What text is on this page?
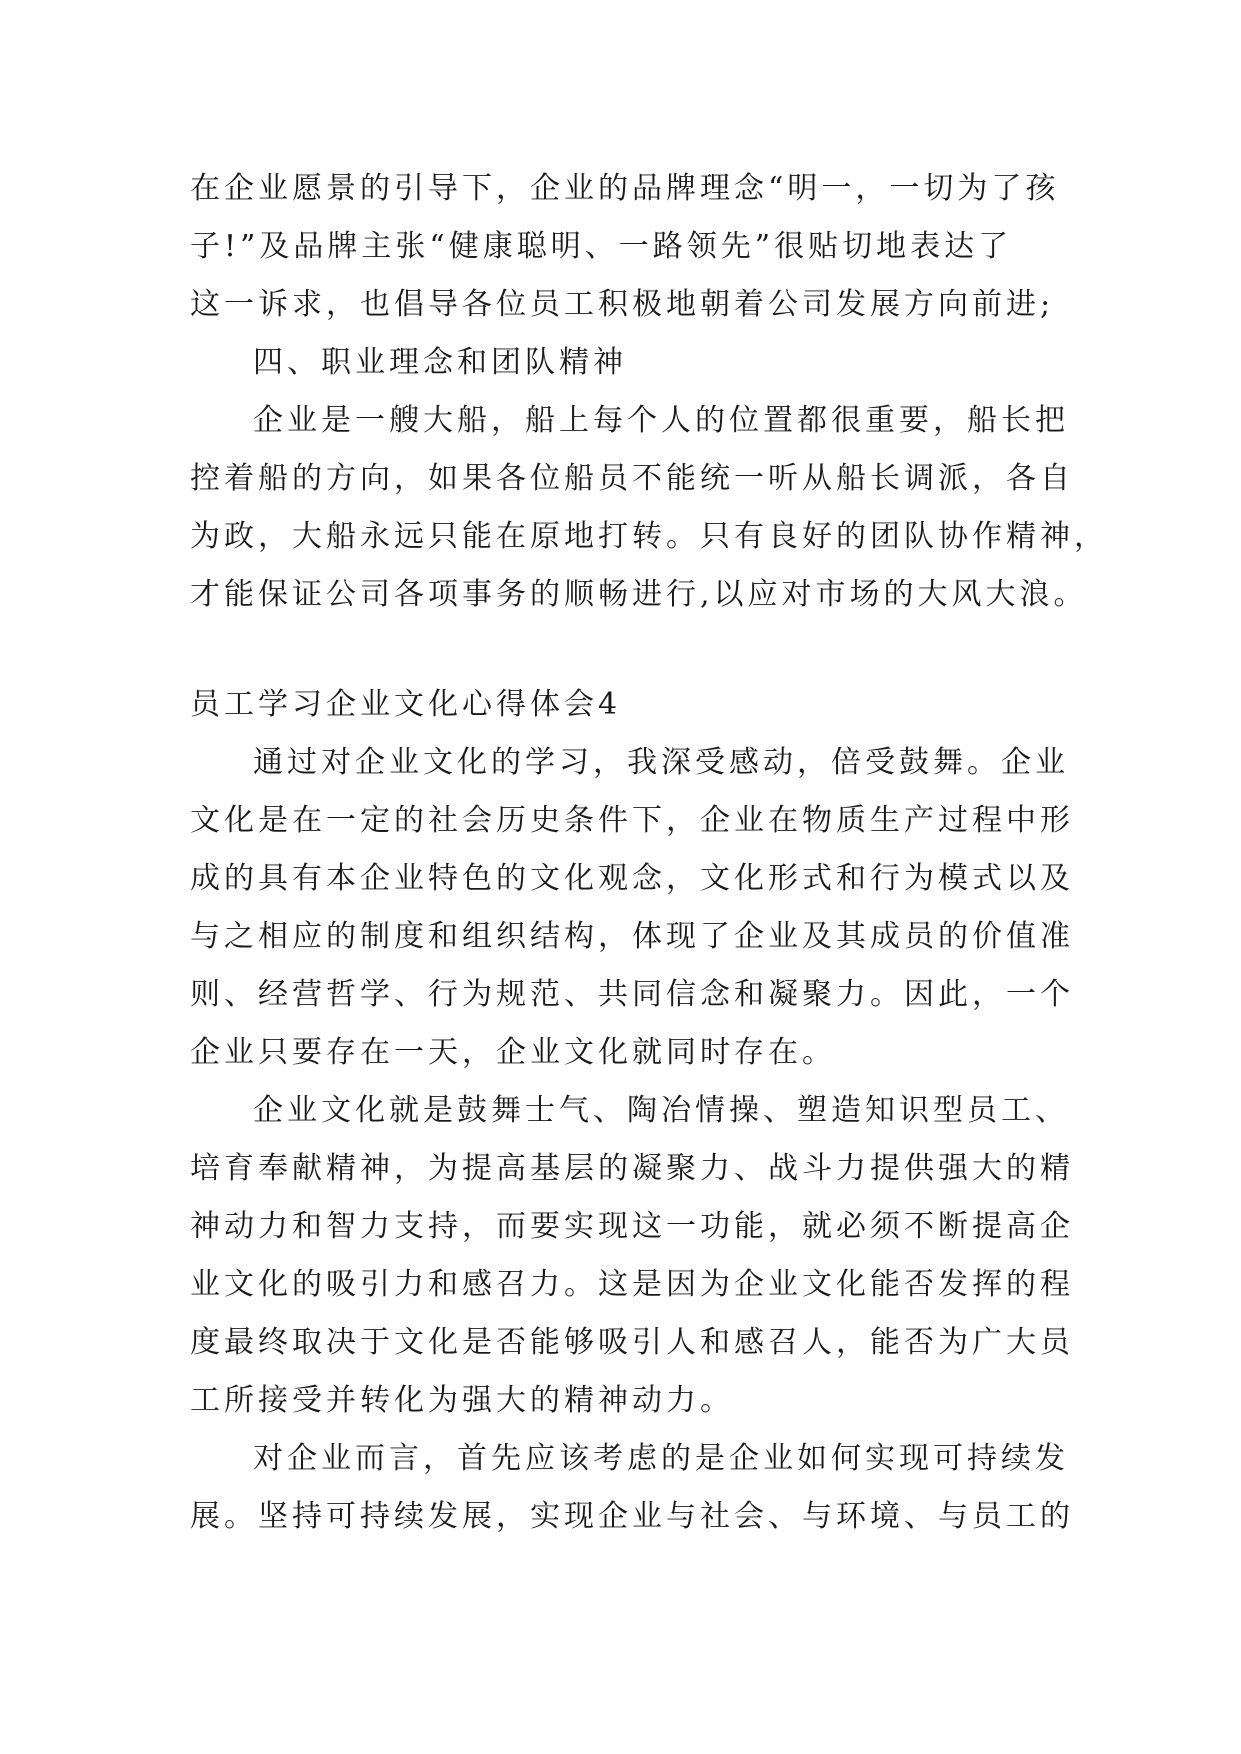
在企业愿景的引导下，企业的品牌理念“明一，一切为了孩
子!”及品牌主张“健康聪明、一路领先”很贴切地表达了
这一诉求，也倡导各位员工积极地朝着公司发展方向前进;
四、职业理念和团队精神
企业是一艘大船，船上每个人的位置都很重要，船长把
控着船的方向，如果各位船员不能统一听从船长调派，各自
为政，大船永远只能在原地打转。只有良好的团队协作精神，
才能保证公司各项事务的顺畅进行,以应对市场的大风大浪。
员工学习企业文化心得体会4
通过对企业文化的学习，我深受感动，倍受鼓舞。企业
文化是在一定的社会历史条件下，企业在物质生产过程中形
成的具有本企业特色的文化观念，文化形式和行为模式以及
与之相应的制度和组织结构，体现了企业及其成员的价值准
则、经营哲学、行为规范、共同信念和凝聚力。因此，一个
企业只要存在一天，企业文化就同时存在。
企业文化就是鼓舞士气、陶冶情操、塑造知识型员工、
培育奉献精神，为提高基层的凝聚力、战斗力提供强大的精
神动力和智力支持，而要实现这一功能，就必须不断提高企
业文化的吸引力和感召力。这是因为企业文化能否发挥的程
度最终取决于文化是否能够吸引人和感召人，能否为广大员
工所接受并转化为强大的精神动力。
对企业而言，首先应该考虑的是企业如何实现可持续发
展。坚持可持续发展，实现企业与社会、与环境、与员工的
